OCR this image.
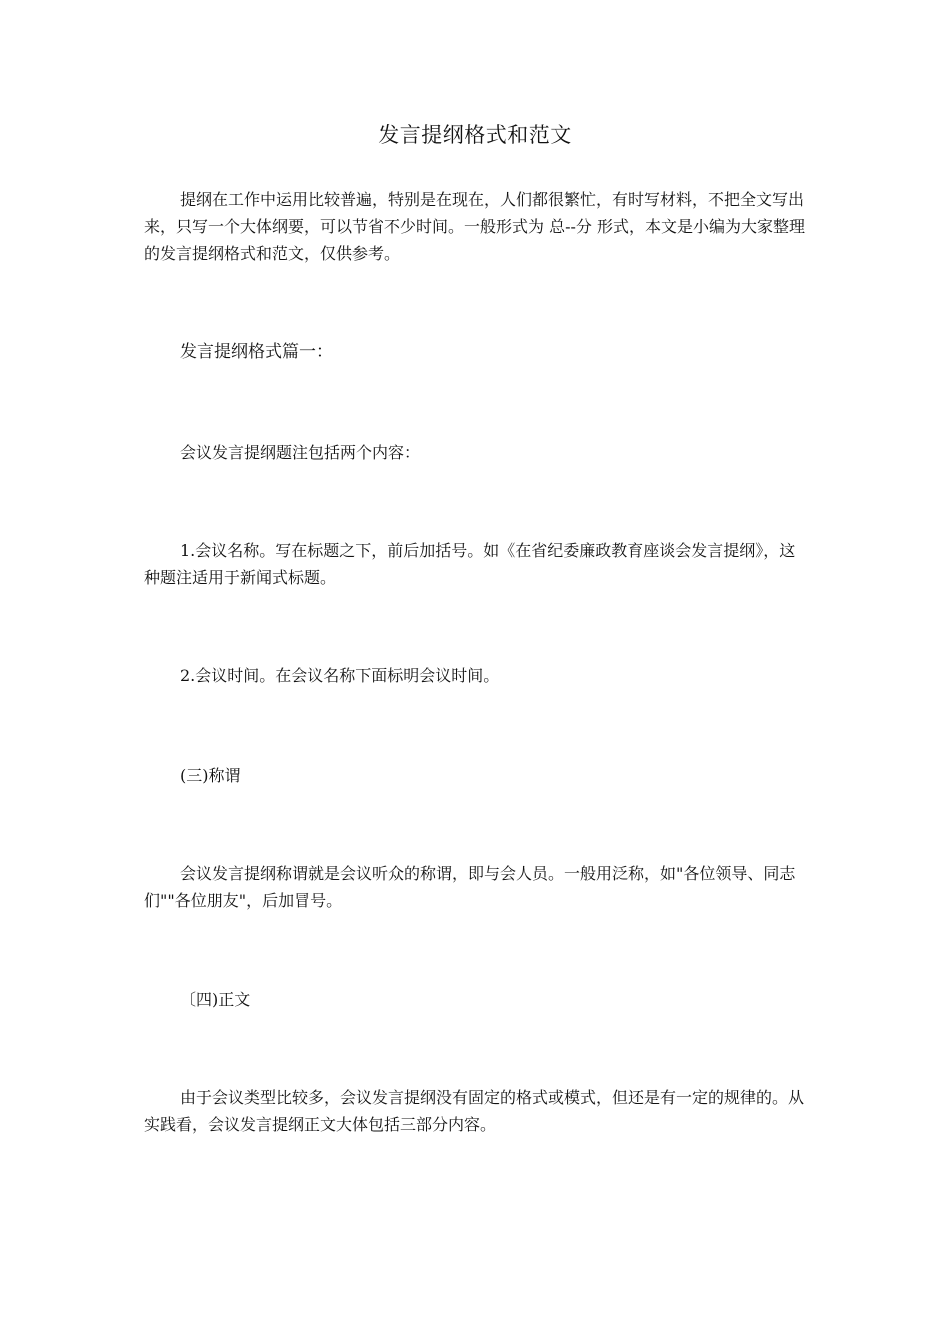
发言提纲格式和范文

提纲在工作中运用比较普遍，特别是在现在，人们都很繁忙，有时写材料，不把全文写出来，只写一个大体纲要，可以节省不少时间。一般形式为 总--分 形式，本文是小编为大家整理的发言提纲格式和范文，仅供参考。

发言提纲格式篇一：

会议发言提纲题注包括两个内容：

1.会议名称。写在标题之下，前后加括号。如《在省纪委廉政教育座谈会发言提纲》，这种题注适用于新闻式标题。

2.会议时间。在会议名称下面标明会议时间。

(三)称谓

会议发言提纲称谓就是会议听众的称谓，即与会人员。一般用泛称，如"各位领导、同志们""各位朋友"，后加冒号。

〔四)正文

由于会议类型比较多，会议发言提纲没有固定的格式或模式，但还是有一定的规律的。从实践看，会议发言提纲正文大体包括三部分内容。
